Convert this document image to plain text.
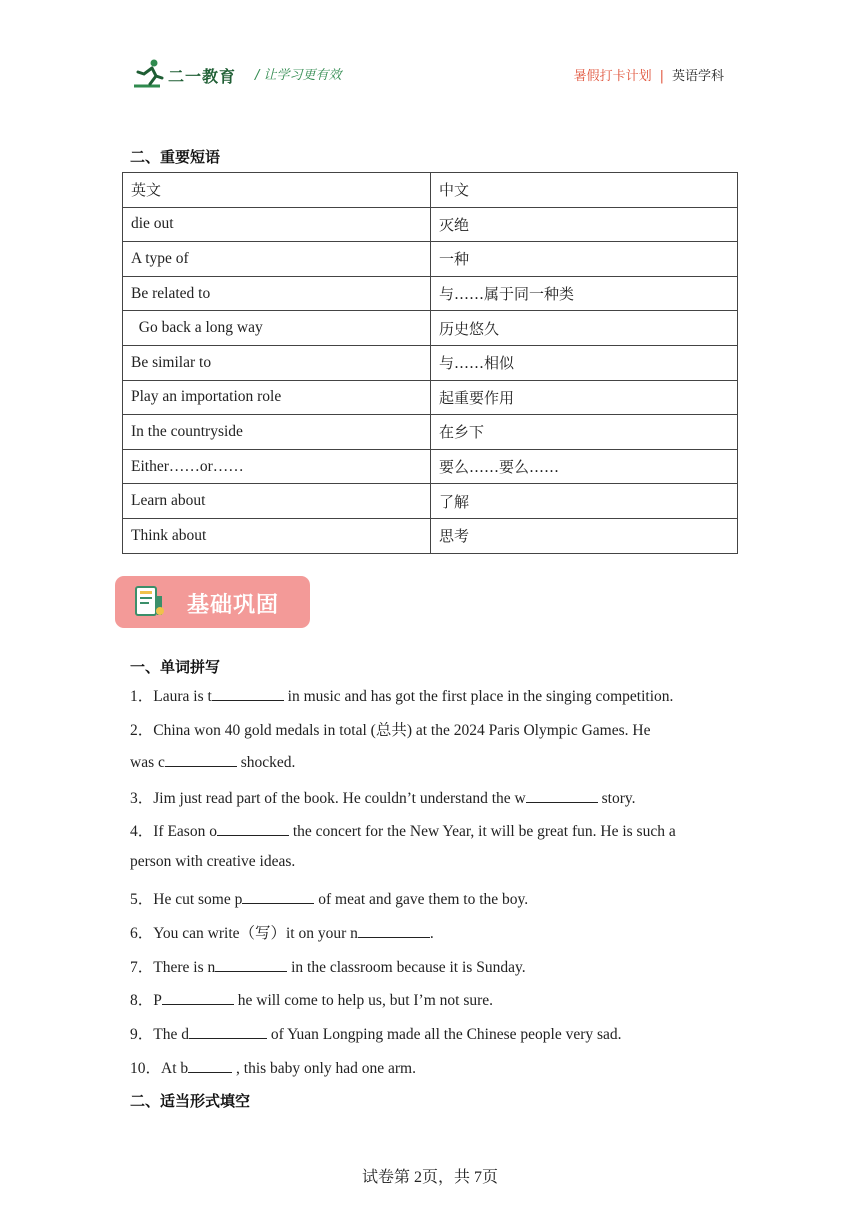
二一教育 / 让学习更有效	暑假打卡计划 | 英语学科
二、重要短语
英文	中文
die out	灭绝
A type of	一种
Be related to	与……属于同一种类
Go back a long way	历史悠久
Be similar to	与……相似
Play an importation role	起重要作用
In the countryside	在乡下
Either……or……	要么……要么……
Learn about	了解
Think about	思考
基础巩固
一、单词拼写
1．Laura is t	in music and has got the first place in the singing competition.
2．China won 40 gold medals in total (总共) at the 2024 Paris Olympic Games. He
was c	shocked.
3．Jim just read part of the book. He couldn’t understand the w	story.
4．If Eason o	the concert for the New Year, it will be great fun. He is such a
person with creative ideas.
5．He cut some p	of meat and gave them to the boy.
6．You can write（写）it on your n	.
7．There is n	in the classroom because it is Sunday.
8．P	he will come to help us, but I’m not sure.
9．The d	of Yuan Longping made all the Chinese people very sad.
10．At b	, this baby only had one arm.
二、适当形式填空
试卷第 2页，共 7页
